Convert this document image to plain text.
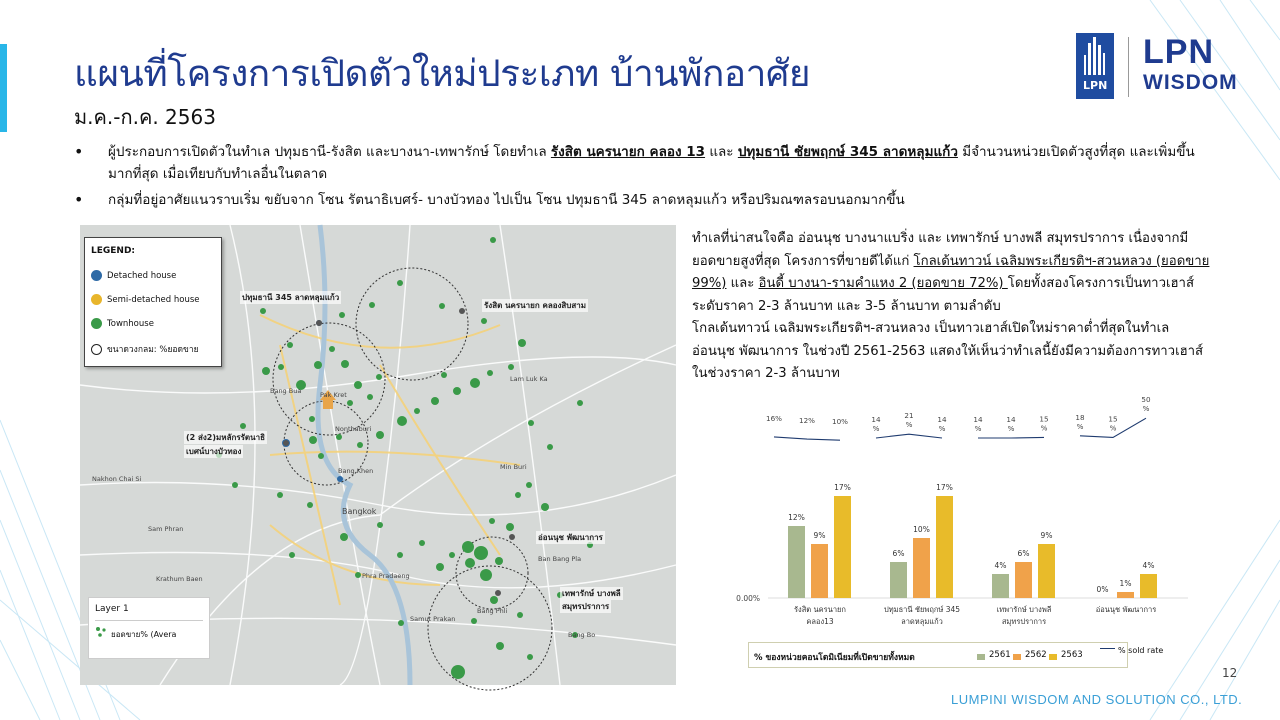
แผนที่โครงการเปิดตัวใหม่ประเภท บ้านพักอาศัย
ม.ค.-ก.ค. 2563
LPN
LPN
WISDOM
• ผู้ประกอบการเปิดตัวในทำเล ปทุมธานี-รังสิต และบางนา-เทพารักษ์ โดยทำเล รังสิต นครนายก คลอง 13 และ ปทุมธานี ชัยพฤกษ์ 345 ลาดหลุมแก้ว มีจำนวนหน่วยเปิดตัวสูงที่สุด และเพิ่มขึ้นมากที่สุด เมื่อเทียบกับทำเลอื่นในตลาด
• กลุ่มที่อยู่อาศัยแนวราบเริ่ม ขยับจาก โซน รัตนาธิเบศร์- บางบัวทอง ไปเป็น โซน ปทุมธานี 345 ลาดหลุมแก้ว หรือปริมณฑลรอบนอกมากขึ้น
Bang Bua	Pak Kret
Nonthaburi
Bang Khen
Lam Luk Ka
Min Buri
Bangkok
Phra Pradaeng
Samut Prakan
Bang Phli
Sam Phran
Krathum Baen
Nakhon Chai Si
Bang Bo
Ban Bang Pla
ปทุมธานี 345 ลาดหลุมแก้ว
รังสิต นครนายก คลองสิบสาม
(2 ส่ง2)มหลักรรัตนาธิ
เบศน์บางบัวทอง
อ่อนนุช พัฒนาการ
เทพารักษ์ บางพลี
สมุทรปราการ
LEGEND:
Detached house
Semi-detached house
Townhouse
ขนาดวงกลม: %ยอดขาย
Layer 1
ยอดขาย% (Avera
ทำเลที่น่าสนใจคือ อ่อนนุช บางนาแบริ่ง และ เทพารักษ์ บางพลี สมุทรปราการ เนื่องจากมียอดขายสูงที่สุด โครงการที่ขายดีได้แก่ โกลเด้นทาวน์ เฉลิมพระเกียรติฯ-สวนหลวง (ยอดขาย 99%) และ อินดี้ บางนา-รามคำแหง 2 (ยอดขาย 72%) โดยทั้งสองโครงการเป็นทาวเฮาส์ ระดับราคา 2-3 ล้านบาท และ 3-5 ล้านบาท ตามลำดับ
โกลเด้นทาวน์ เฉลิมพระเกียรติฯ-สวนหลวง เป็นทาวเฮาส์เปิดใหม่ราคาต่ำที่สุดในทำเล อ่อนนุช พัฒนาการ ในช่วงปี 2561-2563 แสดงให้เห็นว่าทำเลนี้ยังมีความต้องการทาวเฮาส์ในช่วงราคา 2-3 ล้านบาท
0.00%
12%
9%
17%
รังสิต นครนายก
คลอง13
6%
10%
17%
ปทุมธานี ชัยพฤกษ์ 345
ลาดหลุมแก้ว
4%
6%
9%
เทพารักษ์ บางพลี
สมุทรปราการ
0%
1%
4%
อ่อนนุช พัฒนาการ
16% 12% 10%	14
%
21
%
14
%
14
%
14
%
15
%
18
%
15
%
50
%
% ของหน่วยคอนโดมิเนียมที่เปิดขายทั้งหมด	2561 2562 2563	% sold rate
12
LUMPINI WISDOM AND SOLUTION CO., LTD.
